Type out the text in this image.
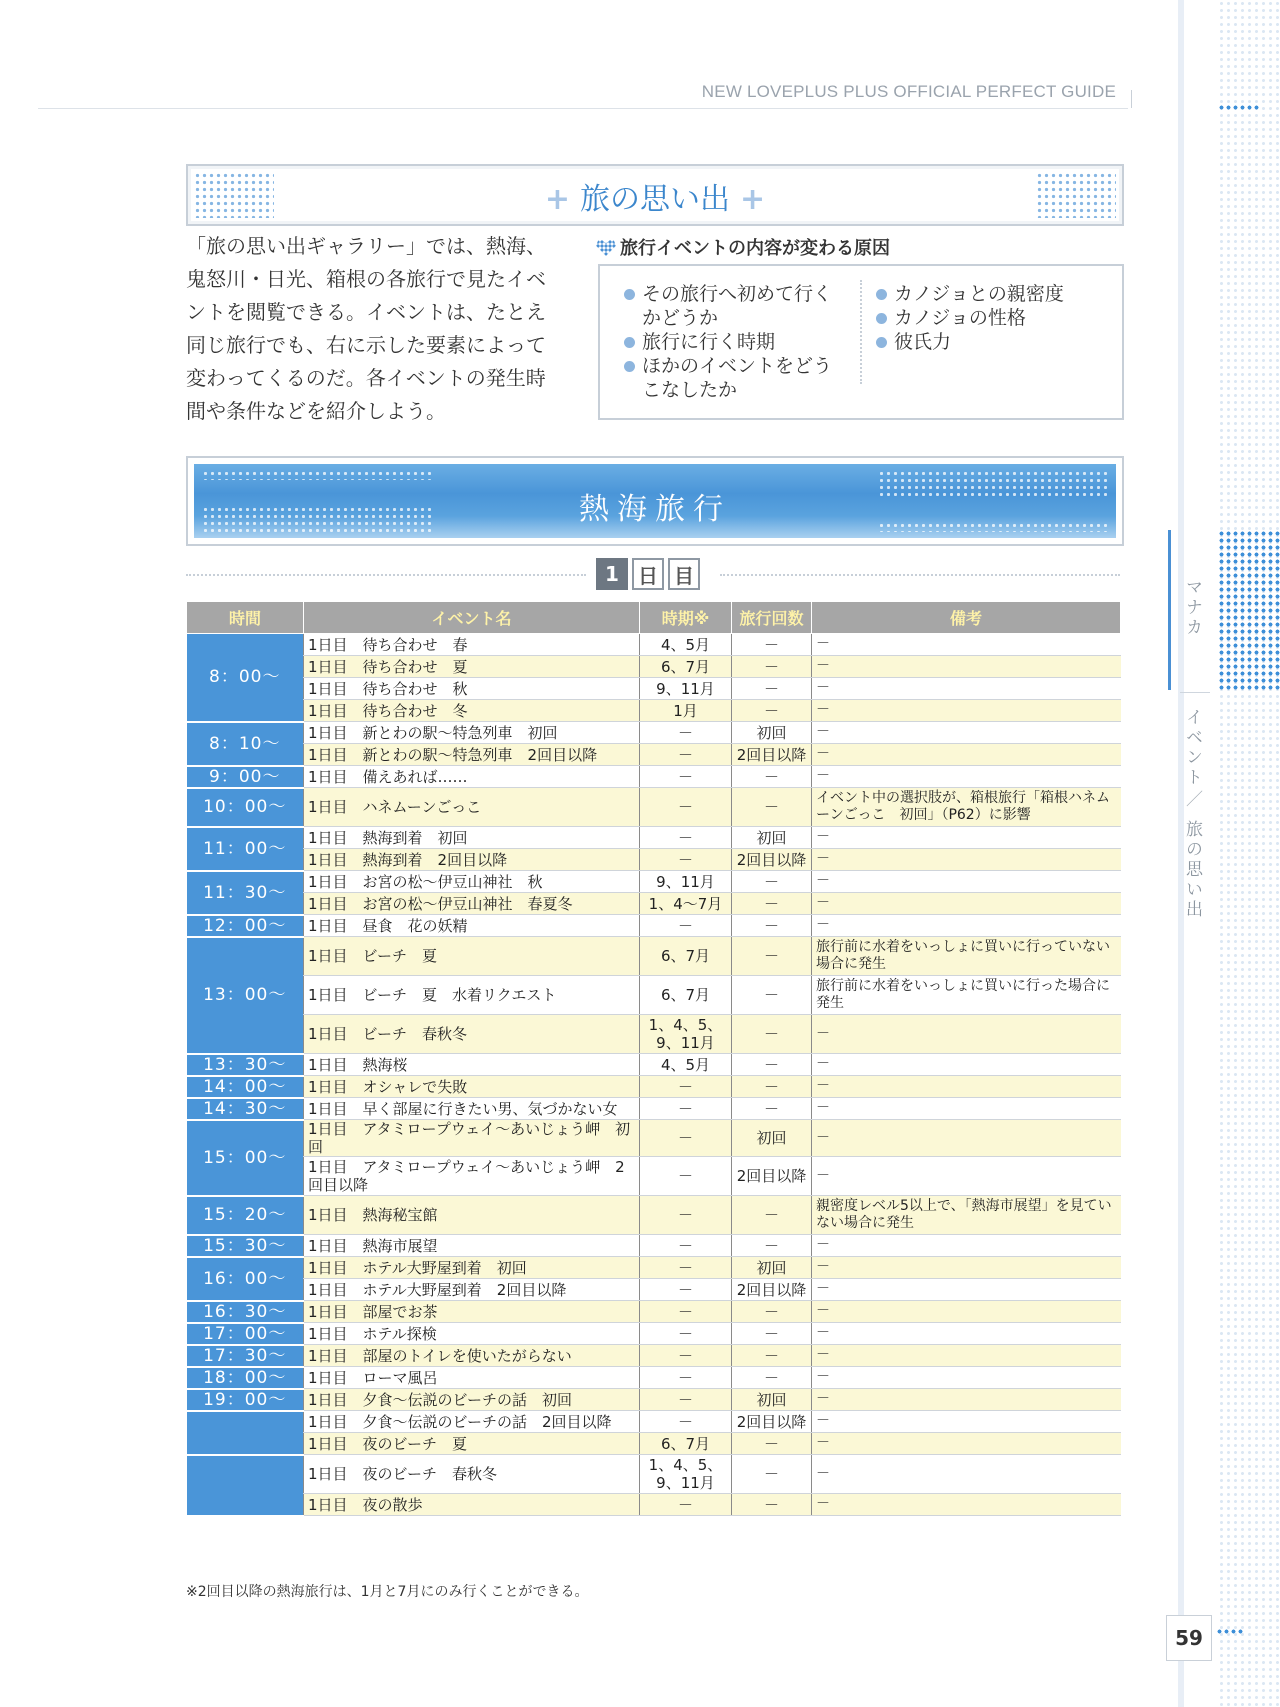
NEW LOVEPLUS PLUS OFFICIAL PERFECT GUIDE
マナカ
イベント
／
旅の思い出
59
+ 旅の思い出 +
「旅の思い出ギャラリー」では、熱海、鬼怒川・日光、箱根の各旅行で見たイベントを閲覧できる。イベントは、たとえ同じ旅行でも、右に示した要素によって変わってくるのだ。各イベントの発生時間や条件などを紹介しよう。
旅行イベントの内容が変わる原因
その旅行へ初めて行くかどうか
旅行に行く時期
ほかのイベントをどうこなしたか
カノジョとの親密度
カノジョの性格
彼氏力
熱海旅行
1 日 目
時間	イベント名	時期※	旅行回数	備考
8：00～	1日目　待ち合わせ　春	4、5月	－	－
	1日目　待ち合わせ　夏	6、7月	－	－
	1日目　待ち合わせ　秋	9、11月	－	－
	1日目　待ち合わせ　冬	1月	－	－
8：10～	1日目　新とわの駅～特急列車　初回	－	初回	－
	1日目　新とわの駅～特急列車　2回目以降	－	2回目以降	－
9：00～	1日目　備えあれば……	－	－	－
10：00～	1日目　ハネムーンごっこ	－	－	イベント中の選択肢が、箱根旅行「箱根ハネムーンごっこ　初回」（P62）に影響
11：00～	1日目　熱海到着　初回	－	初回	－
	1日目　熱海到着　2回目以降	－	2回目以降	－
11：30～	1日目　お宮の松～伊豆山神社　秋	9、11月	－	－
	1日目　お宮の松～伊豆山神社　春夏冬	1、4～7月	－	－
12：00～	1日目　昼食　花の妖精	－	－	－
13：00～	1日目　ビーチ　夏	6、7月	－	旅行前に水着をいっしょに買いに行っていない場合に発生
	1日目　ビーチ　夏　水着リクエスト	6、7月	－	旅行前に水着をいっしょに買いに行った場合に発生
	1日目　ビーチ　春秋冬	1、4、5、9、11月	－	－
13：30～	1日目　熱海桜	4、5月	－	－
14：00～	1日目　オシャレで失敗	－	－	－
14：30～	1日目　早く部屋に行きたい男、気づかない女	－	－	－
15：00～	1日目　アタミロープウェイ～あいじょう岬　初回	－	初回	－
	1日目　アタミロープウェイ～あいじょう岬　2回目以降	－	2回目以降	－
15：20～	1日目　熱海秘宝館	－	－	親密度レベル5以上で、「熱海市展望」を見ていない場合に発生
15：30～	1日目　熱海市展望	－	－	－
16：00～	1日目　ホテル大野屋到着　初回	－	初回	－
	1日目　ホテル大野屋到着　2回目以降	－	2回目以降	－
16：30～	1日目　部屋でお茶	－	－	－
17：00～	1日目　ホテル探検	－	－	－
17：30～	1日目　部屋のトイレを使いたがらない	－	－	－
18：00～	1日目　ローマ風呂	－	－	－
19：00～	1日目　夕食～伝説のビーチの話　初回	－	初回	－
	1日目　夕食～伝説のビーチの話　2回目以降	－	2回目以降	－
	1日目　夜のビーチ　夏	6、7月	－	－
	1日目　夜のビーチ　春秋冬	1、4、5、9、11月	－	－
	1日目　夜の散歩	－	－	－
※2回目以降の熱海旅行は、1月と7月にのみ行くことができる。
